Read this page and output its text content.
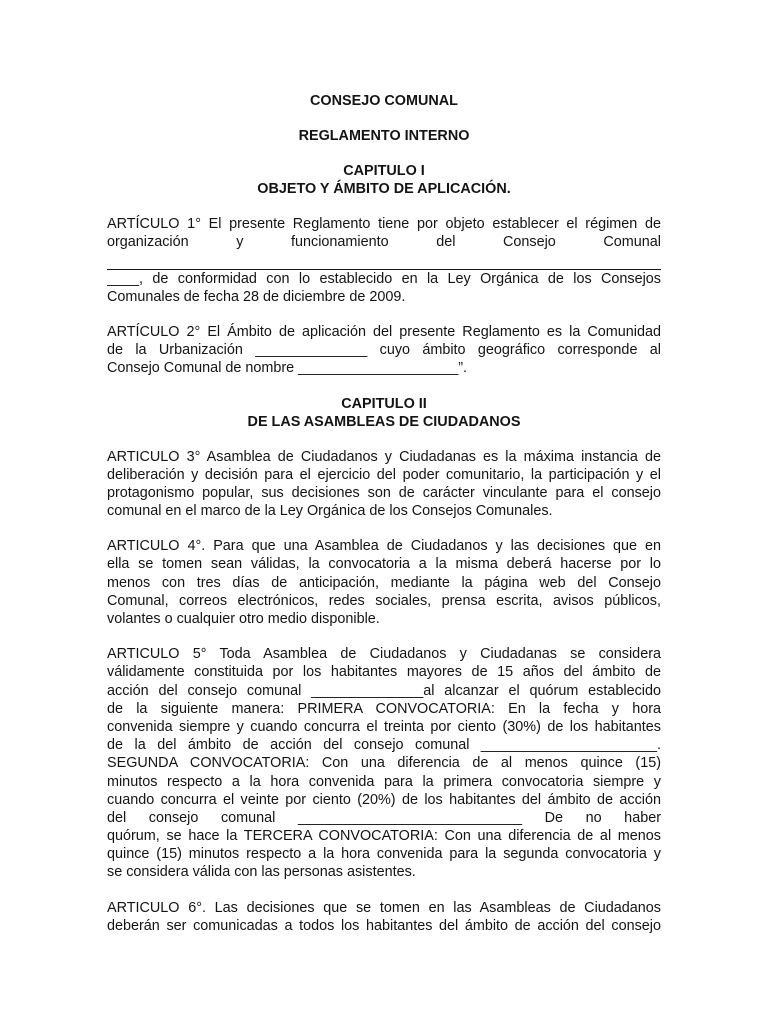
CONSEJO COMUNAL
REGLAMENTO INTERNO
CAPITULO I
OBJETO Y ÁMBITO DE APLICACIÓN.
ARTÍCULO 1° El presente Reglamento tiene por objeto establecer el régimen de
organización y funcionamiento del Consejo Comunal
____, de conformidad con lo establecido en la Ley Orgánica de los Consejos
Comunales de fecha 28 de diciembre de 2009.
ARTÍCULO 2° El Ámbito de aplicación del presente Reglamento es la Comunidad
de la Urbanización ______________ cuyo ámbito geográfico corresponde al
Consejo Comunal de nombre ____________________”.
CAPITULO II
DE LAS ASAMBLEAS DE CIUDADANOS
ARTICULO 3° Asamblea de Ciudadanos y Ciudadanas es la máxima instancia de
deliberación y decisión para el ejercicio del poder comunitario, la participación y el
protagonismo popular, sus decisiones son de carácter vinculante para el consejo
comunal en el marco de la Ley Orgánica de los Consejos Comunales.
ARTICULO 4°. Para que una Asamblea de Ciudadanos y las decisiones que en
ella se tomen sean válidas, la convocatoria a la misma deberá hacerse por lo
menos con tres días de anticipación, mediante la página web del Consejo
Comunal, correos electrónicos, redes sociales, prensa escrita, avisos públicos,
volantes o cualquier otro medio disponible.
ARTICULO 5° Toda Asamblea de Ciudadanos y Ciudadanas se considera
válidamente constituida por los habitantes mayores de 15 años del ámbito de
acción del consejo comunal ______________al alcanzar el quórum establecido
de la siguiente manera: PRIMERA CONVOCATORIA: En la fecha y hora
convenida siempre y cuando concurra el treinta por ciento (30%) de los habitantes
de la del ámbito de acción del consejo comunal ______________________.
SEGUNDA CONVOCATORIA: Con una diferencia de al menos quince (15)
minutos respecto a la hora convenida para la primera convocatoria siempre y
cuando concurra el veinte por ciento (20%) de los habitantes del ámbito de acción
del consejo comunal ____________________________ De no haber
quórum, se hace la TERCERA CONVOCATORIA: Con una diferencia de al menos
quince (15) minutos respecto a la hora convenida para la segunda convocatoria y
se considera válida con las personas asistentes.
ARTICULO 6°. Las decisiones que se tomen en las Asambleas de Ciudadanos
deberán ser comunicadas a todos los habitantes del ámbito de acción del consejo
